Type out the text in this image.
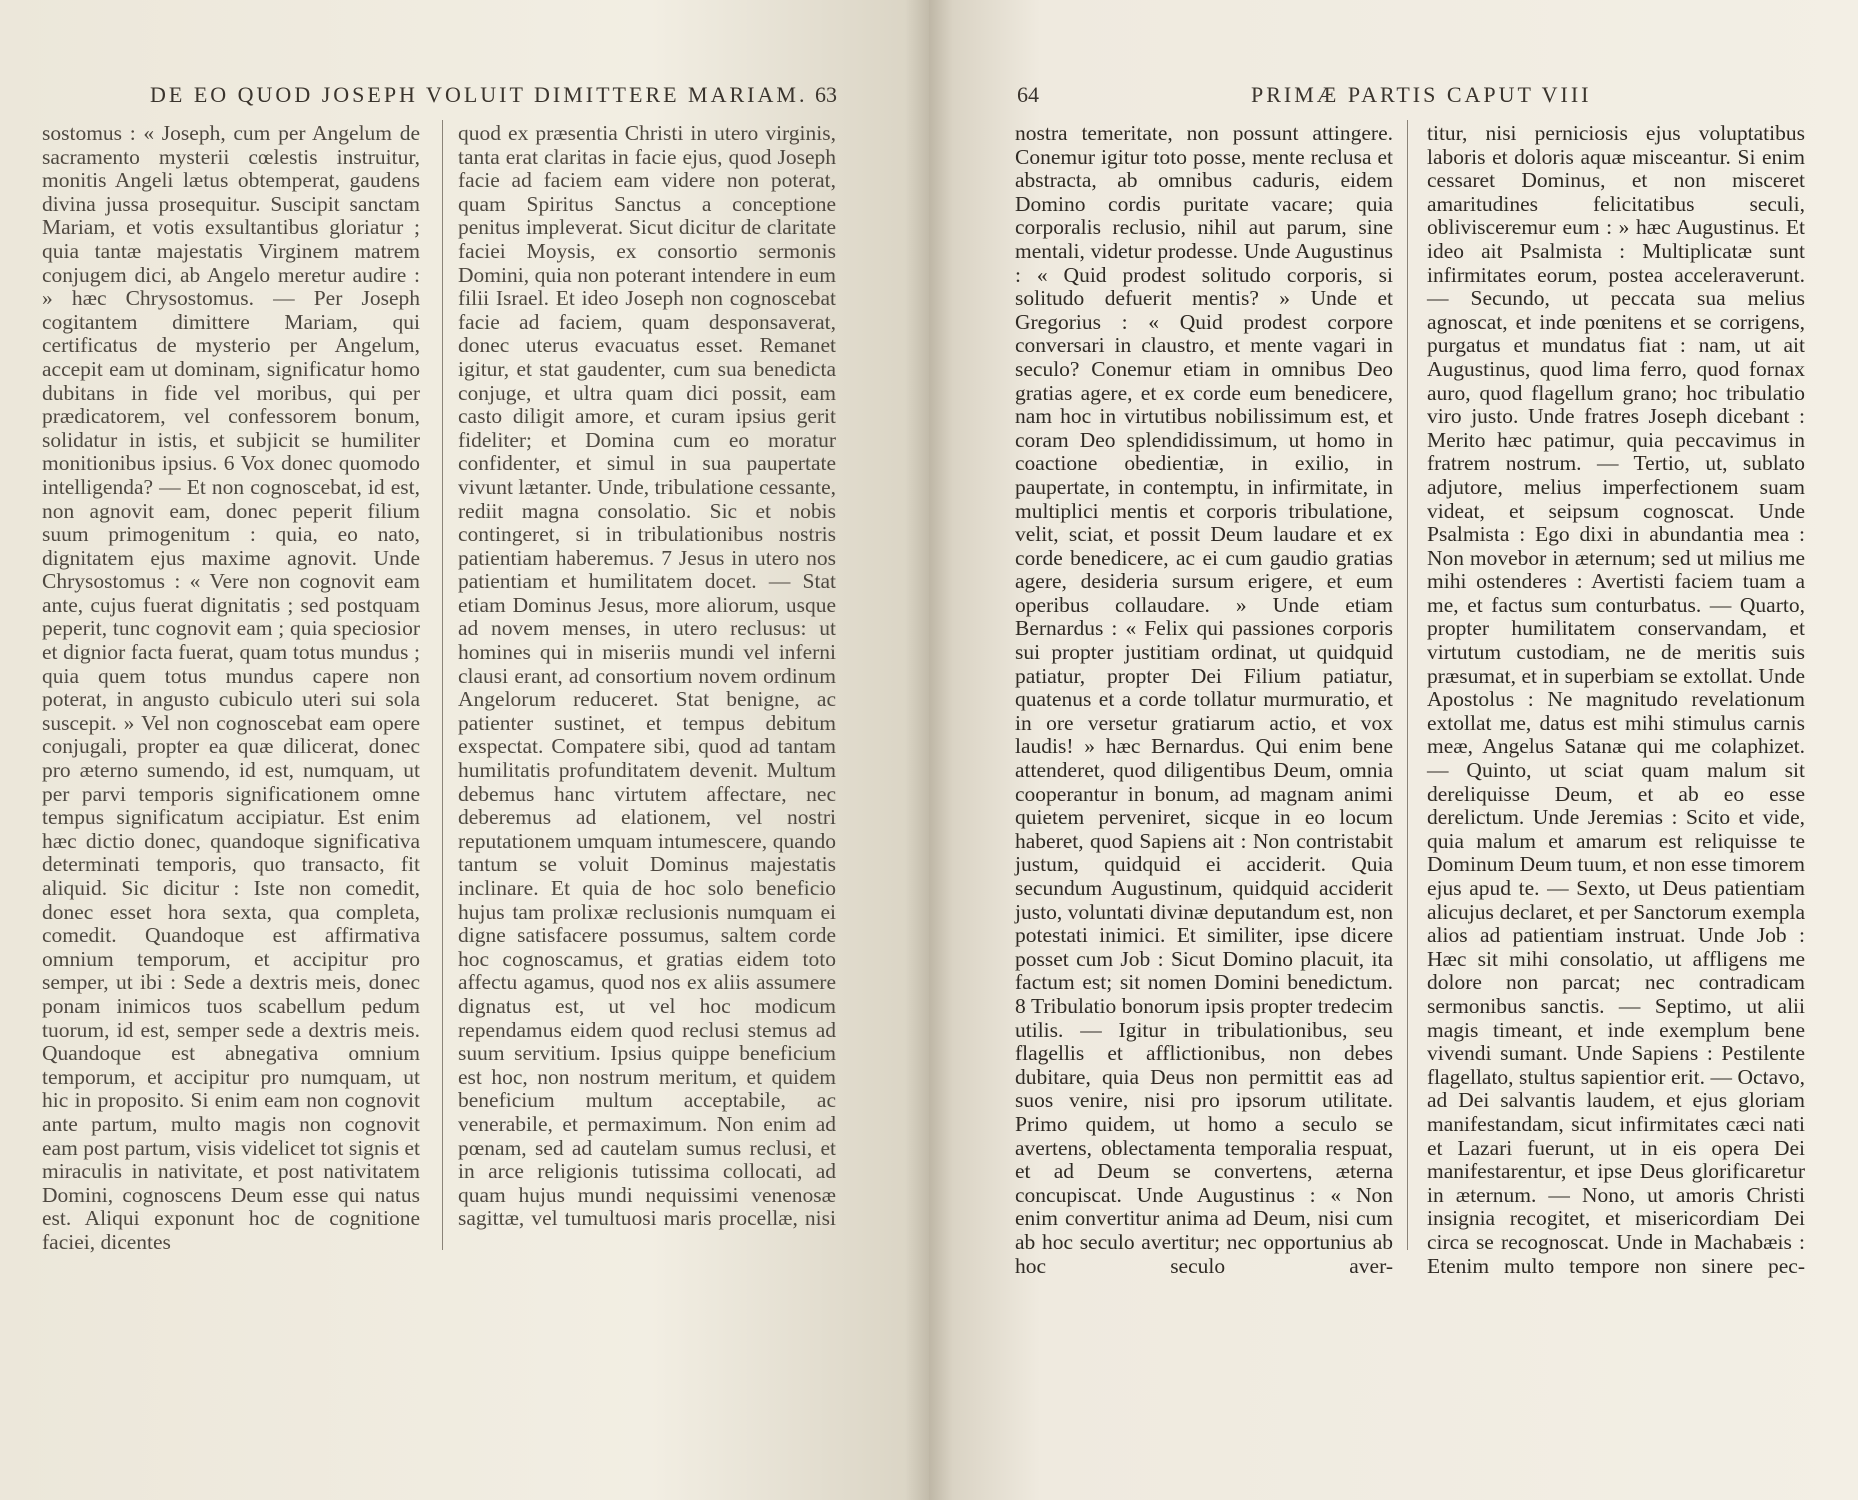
DE EO QUOD JOSEPH VOLUIT DIMITTERE MARIAM. 63
sostomus : « Joseph, cum per Angelum de sacramento mysterii cœlestis instruitur, monitis Angeli lætus obtemperat, gaudens divina jussa prosequitur. Suscipit sanctam Mariam, et votis exsultantibus gloriatur ; quia tantæ majestatis Virginem matrem conjugem dici, ab Angelo meretur audire : » hæc Chrysostomus. — Per Joseph cogitantem dimittere Mariam, qui certificatus de mysterio per Angelum, accepit eam ut dominam, significatur homo dubitans in fide vel moribus, qui per prædicatorem, vel confessorem bonum, solidatur in istis, et subjicit se humiliter monitionibus ipsius. 6 Vox donec quomodo intelligenda? — Et non cognoscebat, id est, non agnovit eam, donec peperit filium suum primogenitum : quia, eo nato, dignitatem ejus maxime agnovit. Unde Chrysostomus : « Vere non cognovit eam ante, cujus fuerat dignitatis ; sed postquam peperit, tunc cognovit eam ; quia speciosior et dignior facta fuerat, quam totus mundus ; quia quem totus mundus capere non poterat, in angusto cubiculo uteri sui sola suscepit. » Vel non cognoscebat eam opere conjugali, propter ea quæ dilicerat, donec pro æterno sumendo, id est, numquam, ut per parvi temporis significationem omne tempus significatum accipiatur. Est enim hæc dictio donec, quandoque significativa determinati temporis, quo transacto, fit aliquid. Sic dicitur : Iste non comedit, donec esset hora sexta, qua completa, comedit. Quandoque est affirmativa omnium temporum, et accipitur pro semper, ut ibi : Sede a dextris meis, donec ponam inimicos tuos scabellum pedum tuorum, id est, semper sede a dextris meis. Quandoque est abnegativa omnium temporum, et accipitur pro numquam, ut hic in proposito. Si enim eam non cognovit ante partum, multo magis non cognovit eam post partum, visis videlicet tot signis et miraculis in nativitate, et post nativitatem Domini, cognoscens Deum esse qui natus est. Aliqui exponunt hoc de cognitione faciei, dicentes
quod ex præsentia Christi in utero virginis, tanta erat claritas in facie ejus, quod Joseph facie ad faciem eam videre non poterat, quam Spiritus Sanctus a conceptione penitus impleverat. Sicut dicitur de claritate faciei Moysis, ex consortio sermonis Domini, quia non poterant intendere in eum filii Israel. Et ideo Joseph non cognoscebat facie ad faciem, quam desponsaverat, donec uterus evacuatus esset. Remanet igitur, et stat gaudenter, cum sua benedicta conjuge, et ultra quam dici possit, eam casto diligit amore, et curam ipsius gerit fideliter; et Domina cum eo moratur confidenter, et simul in sua paupertate vivunt lætanter. Unde, tribulatione cessante, rediit magna consolatio. Sic et nobis contingeret, si in tribulationibus nostris patientiam haberemus. 7 Jesus in utero nos patientiam et humilitatem docet. — Stat etiam Dominus Jesus, more aliorum, usque ad novem menses, in utero reclusus: ut homines qui in miseriis mundi vel inferni clausi erant, ad consortium novem ordinum Angelorum reduceret. Stat benigne, ac patienter sustinet, et tempus debitum exspectat. Compatere sibi, quod ad tantam humilitatis profunditatem devenit. Multum debemus hanc virtutem affectare, nec deberemus ad elationem, vel nostri reputationem umquam intumescere, quando tantum se voluit Dominus majestatis inclinare. Et quia de hoc solo beneficio hujus tam prolixæ reclusionis numquam ei digne satisfacere possumus, saltem corde hoc cognoscamus, et gratias eidem toto affectu agamus, quod nos ex aliis assumere dignatus est, ut vel hoc modicum rependamus eidem quod reclusi stemus ad suum servitium. Ipsius quippe beneficium est hoc, non nostrum meritum, et quidem beneficium multum acceptabile, ac venerabile, et permaximum. Non enim ad pœnam, sed ad cautelam sumus reclusi, et in arce religionis tutissima collocati, ad quam hujus mundi nequissimi venenosæ sagittæ, vel tumultuosi maris procellæ, nisi
64	PRIMÆ PARTIS CAPUT VIII
nostra temeritate, non possunt attingere. Conemur igitur toto posse, mente reclusa et abstracta, ab omnibus caduris, eidem Domino cordis puritate vacare; quia corporalis reclusio, nihil aut parum, sine mentali, videtur prodesse. Unde Augustinus : « Quid prodest solitudo corporis, si solitudo defuerit mentis? » Unde et Gregorius : « Quid prodest corpore conversari in claustro, et mente vagari in seculo? Conemur etiam in omnibus Deo gratias agere, et ex corde eum benedicere, nam hoc in virtutibus nobilissimum est, et coram Deo splendidissimum, ut homo in coactione obedientiæ, in exilio, in paupertate, in contemptu, in infirmitate, in multiplici mentis et corporis tribulatione, velit, sciat, et possit Deum laudare et ex corde benedicere, ac ei cum gaudio gratias agere, desideria sursum erigere, et eum operibus collaudare. » Unde etiam Bernardus : « Felix qui passiones corporis sui propter justitiam ordinat, ut quidquid patiatur, propter Dei Filium patiatur, quatenus et a corde tollatur murmuratio, et in ore versetur gratiarum actio, et vox laudis! » hæc Bernardus. Qui enim bene attenderet, quod diligentibus Deum, omnia cooperantur in bonum, ad magnam animi quietem perveniret, sicque in eo locum haberet, quod Sapiens ait : Non contristabit justum, quidquid ei acciderit. Quia secundum Augustinum, quidquid acciderit justo, voluntati divinæ deputandum est, non potestati inimici. Et similiter, ipse dicere posset cum Job : Sicut Domino placuit, ita factum est; sit nomen Domini benedictum. 8 Tribulatio bonorum ipsis propter tredecim utilis. — Igitur in tribulationibus, seu flagellis et afflictionibus, non debes dubitare, quia Deus non permittit eas ad suos venire, nisi pro ipsorum utilitate. Primo quidem, ut homo a seculo se avertens, oblectamenta temporalia respuat, et ad Deum se convertens, æterna concupiscat. Unde Augustinus : « Non enim convertitur anima ad Deum, nisi cum ab hoc seculo avertitur; nec opportunius ab hoc seculo aver-
titur, nisi perniciosis ejus voluptatibus laboris et doloris aquæ misceantur. Si enim cessaret Dominus, et non misceret amaritudines felicitatibus seculi, oblivisceremur eum : » hæc Augustinus. Et ideo ait Psalmista : Multiplicatæ sunt infirmitates eorum, postea acceleraverunt. — Secundo, ut peccata sua melius agnoscat, et inde pœnitens et se corrigens, purgatus et mundatus fiat : nam, ut ait Augustinus, quod lima ferro, quod fornax auro, quod flagellum grano; hoc tribulatio viro justo. Unde fratres Joseph dicebant : Merito hæc patimur, quia peccavimus in fratrem nostrum. — Tertio, ut, sublato adjutore, melius imperfectionem suam videat, et seipsum cognoscat. Unde Psalmista : Ego dixi in abundantia mea : Non movebor in æternum; sed ut milius me mihi ostenderes : Avertisti faciem tuam a me, et factus sum conturbatus. — Quarto, propter humilitatem conservandam, et virtutum custodiam, ne de meritis suis præsumat, et in superbiam se extollat. Unde Apostolus : Ne magnitudo revelationum extollat me, datus est mihi stimulus carnis meæ, Angelus Satanæ qui me colaphizet. — Quinto, ut sciat quam malum sit dereliquisse Deum, et ab eo esse derelictum. Unde Jeremias : Scito et vide, quia malum et amarum est reliquisse te Dominum Deum tuum, et non esse timorem ejus apud te. — Sexto, ut Deus patientiam alicujus declaret, et per Sanctorum exempla alios ad patientiam instruat. Unde Job : Hæc sit mihi consolatio, ut affligens me dolore non parcat; nec contradicam sermonibus sanctis. — Septimo, ut alii magis timeant, et inde exemplum bene vivendi sumant. Unde Sapiens : Pestilente flagellato, stultus sapientior erit. — Octavo, ad Dei salvantis laudem, et ejus gloriam manifestandam, sicut infirmitates cæci nati et Lazari fuerunt, ut in eis opera Dei manifestarentur, et ipse Deus glorificaretur in æternum. — Nono, ut amoris Christi insignia recogitet, et misericordiam Dei circa se recognoscat. Unde in Machabæis : Etenim multo tempore non sinere pec-
